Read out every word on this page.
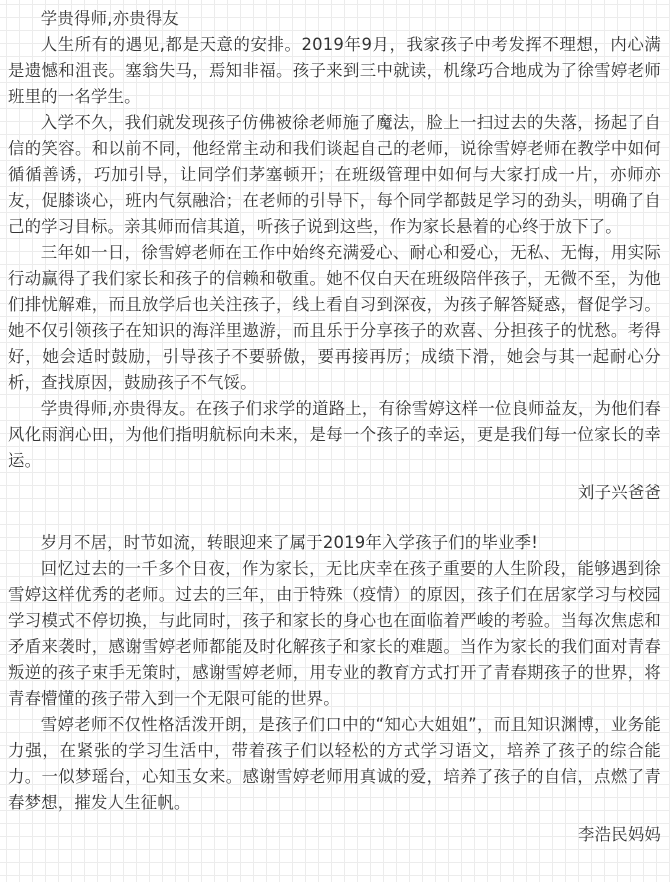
学贵得师,亦贵得友

人生所有的遇见,都是天意的安排。2019年9月，我家孩子中考发挥不理想，内心满是遗憾和沮丧。塞翁失马，焉知非福。孩子来到三中就读，机缘巧合地成为了徐雪婷老师班里的一名学生。

入学不久，我们就发现孩子仿佛被徐老师施了魔法，脸上一扫过去的失落，扬起了自信的笑容。和以前不同，他经常主动和我们谈起自己的老师，说徐雪婷老师在教学中如何循循善诱，巧加引导，让同学们茅塞顿开；在班级管理中如何与大家打成一片，亦师亦友，促膝谈心，班内气氛融洽；在老师的引导下，每个同学都鼓足学习的劲头，明确了自己的学习目标。亲其师而信其道，听孩子说到这些，作为家长悬着的心终于放下了。

三年如一日，徐雪婷老师在工作中始终充满爱心、耐心和爱心，无私、无悔，用实际行动赢得了我们家长和孩子的信赖和敬重。她不仅白天在班级陪伴孩子，无微不至，为他们排忧解难，而且放学后也关注孩子，线上看自习到深夜，为孩子解答疑惑，督促学习。她不仅引领孩子在知识的海洋里遨游，而且乐于分享孩子的欢喜、分担孩子的忧愁。考得好，她会适时鼓励，引导孩子不要骄傲，要再接再厉；成绩下滑，她会与其一起耐心分析，查找原因，鼓励孩子不气馁。

学贵得师,亦贵得友。在孩子们求学的道路上，有徐雪婷这样一位良师益友，为他们春风化雨润心田，为他们指明航标向未来，是每一个孩子的幸运，更是我们每一位家长的幸运。

刘子兴爸爸

岁月不居，时节如流，转眼迎来了属于2019年入学孩子们的毕业季!

回忆过去的一千多个日夜，作为家长，无比庆幸在孩子重要的人生阶段，能够遇到徐雪婷这样优秀的老师。过去的三年，由于特殊（疫情）的原因，孩子们在居家学习与校园学习模式不停切换，与此同时，孩子和家长的身心也在面临着严峻的考验。当每次焦虑和矛盾来袭时，感谢雪婷老师都能及时化解孩子和家长的难题。当作为家长的我们面对青春叛逆的孩子束手无策时，感谢雪婷老师，用专业的教育方式打开了青春期孩子的世界，将青春懵懂的孩子带入到一个无限可能的世界。

雪婷老师不仅性格活泼开朗，是孩子们口中的“知心大姐姐”，而且知识渊博，业务能力强，在紧张的学习生活中，带着孩子们以轻松的方式学习语文，培养了孩子的综合能力。一似梦瑶台，心知玉女来。感谢雪婷老师用真诚的爱，培养了孩子的自信，点燃了青春梦想，摧发人生征帆。

李浩民妈妈
